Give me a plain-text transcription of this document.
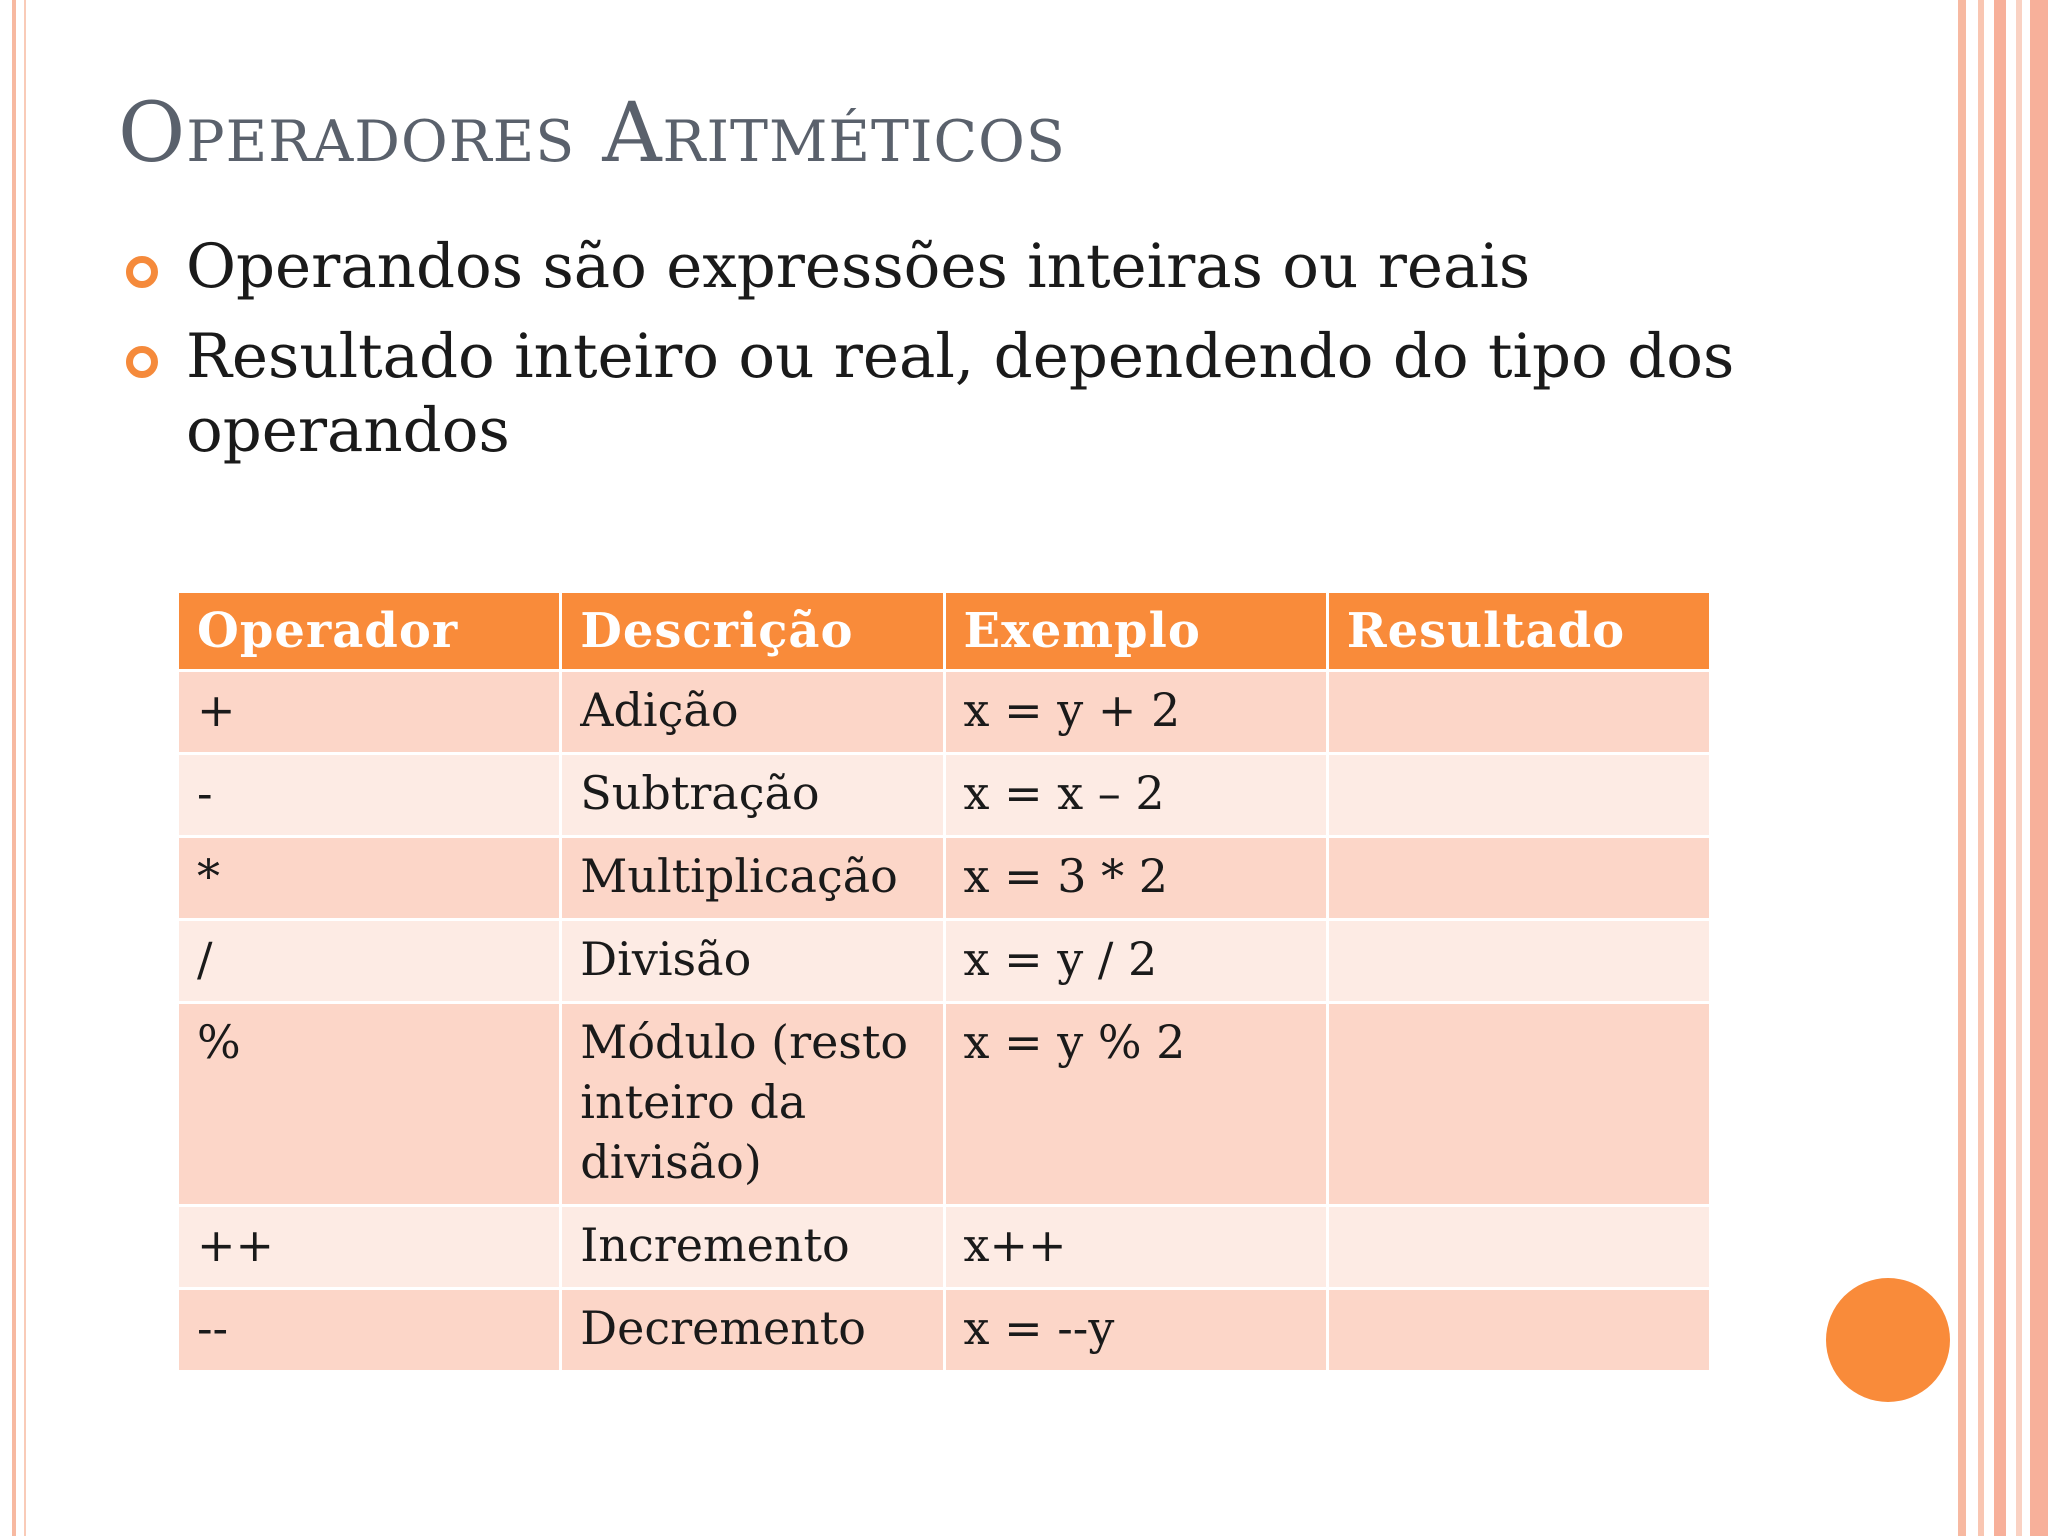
Operadores Aritméticos
Operandos são expressões inteiras ou reais
Resultado inteiro ou real, dependendo do tipo dos operandos
Operador	Descrição	Exemplo	Resultado
+	Adição	x = y + 2	
-	Subtração	x = x – 2	
*	Multiplicação	x = 3 * 2	
/	Divisão	x = y / 2	
%	Módulo (resto inteiro da divisão)	x = y % 2	
++	Incremento	x++	
--	Decremento	x = --y	
